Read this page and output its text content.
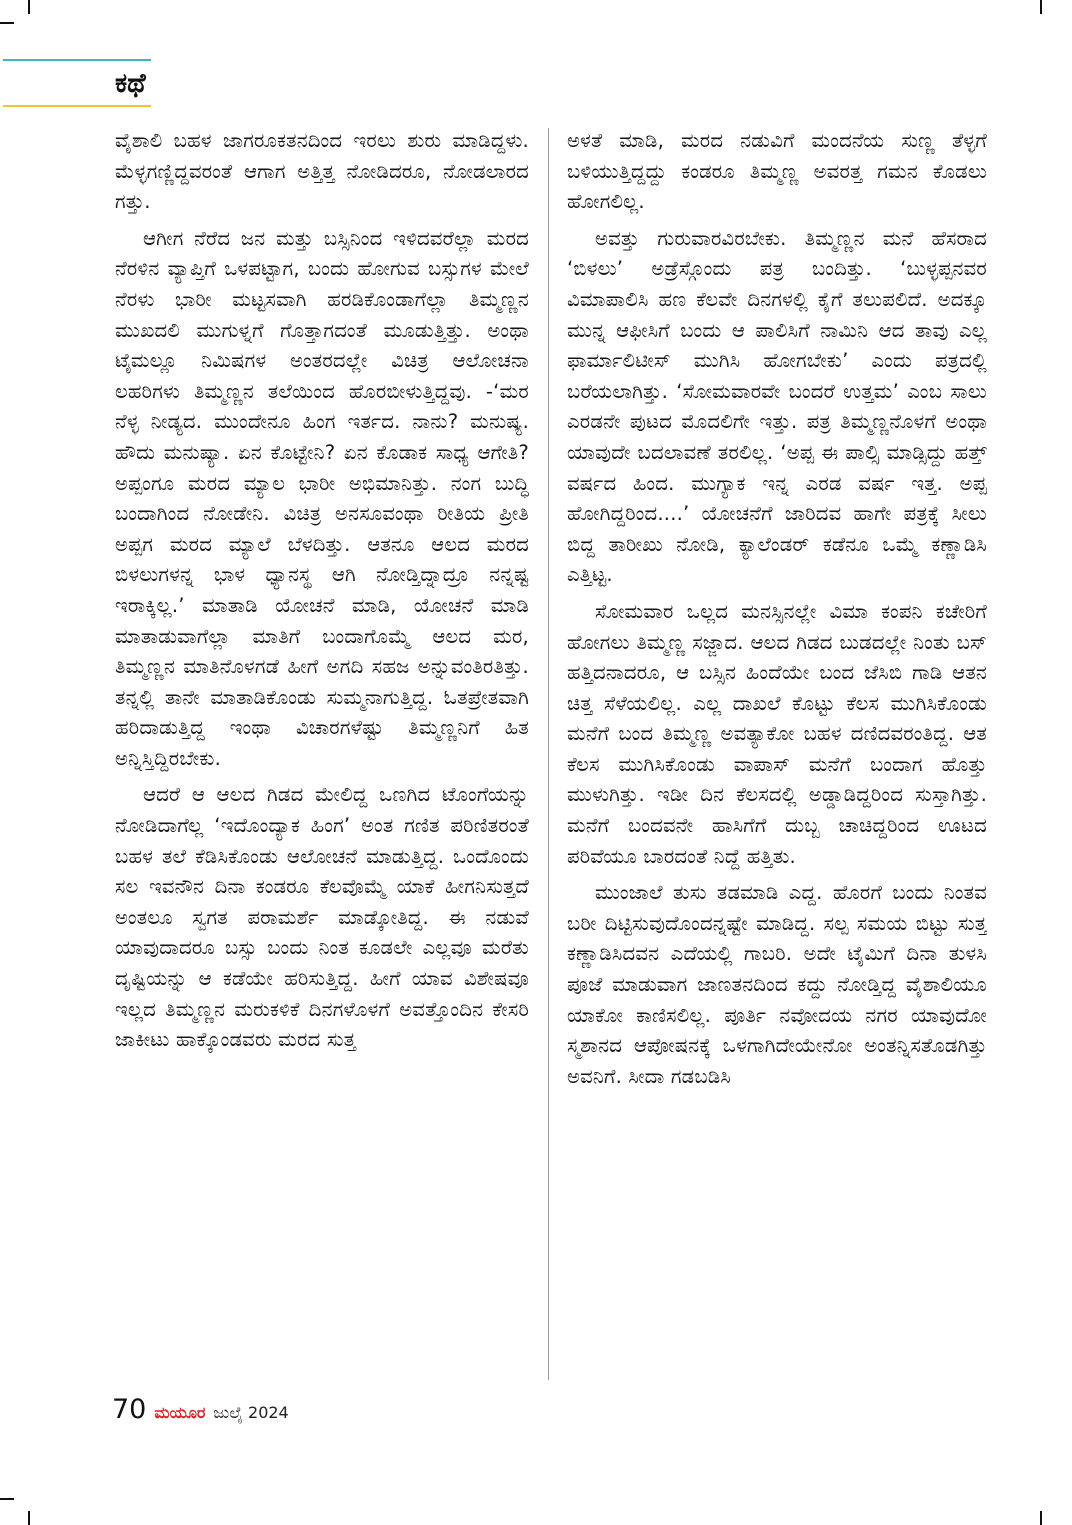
ಕಥೆ

ವೈಶಾಲಿ ಬಹಳ ಜಾಗರೂಕತನದಿಂದ ಇರಲು ಶುರು ಮಾಡಿದ್ದಳು. ಮೆಳ್ಳಗಣ್ಣಿದ್ದವರಂತೆ ಆಗಾಗ ಅತ್ತಿತ್ತ ನೋಡಿದರೂ, ನೋಡಲಾರದ ಗತ್ತು.

ಆಗೀಗ ನೆರೆದ ಜನ ಮತ್ತು ಬಸ್ಸಿನಿಂದ ಇಳಿದವರೆಲ್ಲಾ ಮರದ ನೆರಳಿನ ವ್ಯಾಪ್ತಿಗೆ ಒಳಪಟ್ಟಾಗ, ಬಂದು ಹೋಗುವ ಬಸ್ಸುಗಳ ಮೇಲೆ ನೆರಳು ಭಾರೀ ಮಟ್ಟಸವಾಗಿ ಹರಡಿಕೊಂಡಾಗೆಲ್ಲಾ ತಿಮ್ಮಣ್ಣನ ಮುಖದಲಿ ಮುಗುಳ್ನಗೆ ಗೊತ್ತಾಗದಂತೆ ಮೂಡುತ್ತಿತ್ತು. ಅಂಥಾ ಟೈಮಲ್ಲೂ ನಿಮಿಷಗಳ ಅಂತರದಲ್ಲೇ ವಿಚಿತ್ರ ಆಲೋಚನಾ ಲಹರಿಗಳು ತಿಮ್ಮಣ್ಣನ ತಲೆಯಿಂದ ಹೊರಬೀಳುತ್ತಿದ್ದವು. -‘ಮರ ನೆಳ್ಳ ನೀಡ್ಯದ. ಮುಂದೇನೂ ಹಿಂಗ ಇರ್ತದ. ನಾನು? ಮನುಷ್ಯ. ಹೌದು ಮನುಷ್ಯಾ. ಏನ ಕೊಟ್ಟೇನಿ? ಏನ ಕೊಡಾಕ ಸಾಧ್ಯ ಆಗೇತಿ? ಅಪ್ಪಂಗೂ ಮರದ ಮ್ಯಾಲ ಭಾರೀ ಅಭಿಮಾನಿತ್ತು. ನಂಗ ಬುದ್ಧಿ ಬಂದಾಗಿಂದ ನೋಡೇನಿ. ವಿಚಿತ್ರ ಅನಸೂವಂಥಾ ರೀತಿಯ ಪ್ರೀತಿ ಅಪ್ಪಗ ಮರದ ಮ್ಯಾಲೆ ಬೆಳದಿತ್ತು. ಆತನೂ ಆಲದ ಮರದ ಬಿಳಲುಗಳನ್ನ ಭಾಳ ಧ್ಯಾನಸ್ಥ ಆಗಿ ನೋಡ್ತಿದ್ನಾದ್ರೂ ನನ್ನಷ್ಟ ಇರಾಕ್ಕಿಲ್ಲ.’ ಮಾತಾಡಿ ಯೋಚನೆ ಮಾಡಿ, ಯೋಚನೆ ಮಾಡಿ ಮಾತಾಡುವಾಗೆಲ್ಲಾ ಮಾತಿಗೆ ಬಂದಾಗೊಮ್ಮೆ ಆಲದ ಮರ, ತಿಮ್ಮಣ್ಣನ ಮಾತಿನೊಳಗಡೆ ಹೀಗೆ ಅಗದಿ ಸಹಜ ಅನ್ನುವಂತಿರತಿತ್ತು. ತನ್ನಲ್ಲಿ ತಾನೇ ಮಾತಾಡಿಕೊಂಡು ಸುಮ್ಮನಾಗುತ್ತಿದ್ದ. ಓತಪ್ರೇತವಾಗಿ ಹರಿದಾಡುತ್ತಿದ್ದ ಇಂಥಾ ವಿಚಾರಗಳೆಷ್ಟು ತಿಮ್ಮಣ್ಣನಿಗೆ ಹಿತ ಅನ್ನಿಸ್ತಿದ್ದಿರಬೇಕು.

ಆದರೆ ಆ ಆಲದ ಗಿಡದ ಮೇಲಿದ್ದ ಒಣಗಿದ ಟೊಂಗೆಯನ್ನು ನೋಡಿದಾಗೆಲ್ಲ ‘ಇದೊಂದ್ಯಾಕ ಹಿಂಗ’ ಅಂತ ಗಣಿತ ಪರಿಣಿತರಂತೆ ಬಹಳ ತಲೆ ಕೆಡಿಸಿಕೊಂಡು ಆಲೋಚನೆ ಮಾಡುತ್ತಿದ್ದ. ಒಂದೊಂದು ಸಲ ಇವನೌನ ದಿನಾ ಕಂಡರೂ ಕೆಲವೊಮ್ಮೆ ಯಾಕೆ ಹೀಗನಿಸುತ್ತದೆ ಅಂತಲೂ ಸ್ವಗತ ಪರಾಮರ್ಶೆ ಮಾಡ್ಕೋತಿದ್ದ. ಈ ನಡುವೆ ಯಾವುದಾದರೂ ಬಸ್ಸು ಬಂದು ನಿಂತ ಕೂಡಲೇ ಎಲ್ಲವೂ ಮರೆತು ದೃಷ್ಟಿಯನ್ನು ಆ ಕಡೆಯೇ ಹರಿಸುತ್ತಿದ್ದ. ಹೀಗೆ ಯಾವ ವಿಶೇಷವೂ ಇಲ್ಲದ ತಿಮ್ಮಣ್ಣನ ಮರುಕಳಿಕೆ ದಿನಗಳೊಳಗೆ ಅವತ್ತೊಂದಿನ ಕೇಸರಿ ಜಾಕೀಟು ಹಾಕ್ಕೊಂಡವರು ಮರದ ಸುತ್ತ

ಅಳತೆ ಮಾಡಿ, ಮರದ ನಡುವಿಗೆ ಮಂದನೆಯ ಸುಣ್ಣ ತೆಳ್ಳಗೆ ಬಳಿಯುತ್ತಿದ್ದದ್ದು ಕಂಡರೂ ತಿಮ್ಮಣ್ಣ ಅವರತ್ತ ಗಮನ ಕೊಡಲು ಹೋಗಲಿಲ್ಲ.

ಅವತ್ತು ಗುರುವಾರವಿರಬೇಕು. ತಿಮ್ಮಣ್ಣನ ಮನೆ ಹೆಸರಾದ ‘ಬಿಳಲು’ ಅಡ್ರೆಸ್ಗೊಂದು ಪತ್ರ ಬಂದಿತ್ತು. ‘ಬುಳ್ಳಪ್ಪನವರ ವಿಮಾಪಾಲಿಸಿ ಹಣ ಕೆಲವೇ ದಿನಗಳಲ್ಲಿ ಕೈಗೆ ತಲುಪಲಿದೆ. ಅದಕ್ಕೂ ಮುನ್ನ ಆಫೀಸಿಗೆ ಬಂದು ಆ ಪಾಲಿಸಿಗೆ ನಾಮಿನಿ ಆದ ತಾವು ಎಲ್ಲ ಫಾರ್ಮಾಲಿಟೀಸ್ ಮುಗಿಸಿ ಹೋಗಬೇಕು’ ಎಂದು ಪತ್ರದಲ್ಲಿ ಬರೆಯಲಾಗಿತ್ತು. ‘ಸೋಮವಾರವೇ ಬಂದರೆ ಉತ್ತಮ’ ಎಂಬ ಸಾಲು ಎರಡನೇ ಪುಟದ ಮೊದಲಿಗೇ ಇತ್ತು. ಪತ್ರ ತಿಮ್ಮಣ್ಣನೊಳಗೆ ಅಂಥಾ ಯಾವುದೇ ಬದಲಾವಣೆ ತರಲಿಲ್ಲ. ‘ಅಪ್ಪ ಈ ಪಾಲ್ಸಿ ಮಾಡ್ಸಿದ್ದು ಹತ್ತ್ ವರ್ಷದ ಹಿಂದ. ಮುಗ್ಯಾಕ ಇನ್ನ ಎರಡ ವರ್ಷ ಇತ್ತ. ಅಪ್ಪ ಹೋಗಿದ್ದರಿಂದ....’ ಯೋಚನೆಗೆ ಜಾರಿದವ ಹಾಗೇ ಪತ್ರಕ್ಕೆ ಸೀಲು ಬಿದ್ದ ತಾರೀಖು ನೋಡಿ, ಕ್ಯಾಲೆಂಡರ್ ಕಡೆನೂ ಒಮ್ಮೆ ಕಣ್ಣಾಡಿಸಿ ಎತ್ತಿಟ್ಟ.

ಸೋಮವಾರ ಒಲ್ಲದ ಮನಸ್ಸಿನಲ್ಲೇ ವಿಮಾ ಕಂಪನಿ ಕಚೇರಿಗೆ ಹೋಗಲು ತಿಮ್ಮಣ್ಣ ಸಜ್ಜಾದ. ಆಲದ ಗಿಡದ ಬುಡದಲ್ಲೇ ನಿಂತು ಬಸ್ ಹತ್ತಿದನಾದರೂ, ಆ ಬಸ್ಸಿನ ಹಿಂದೆಯೇ ಬಂದ ಜೆಸಿಬಿ ಗಾಡಿ ಆತನ ಚಿತ್ತ ಸೆಳೆಯಲಿಲ್ಲ. ಎಲ್ಲ ದಾಖಲೆ ಕೊಟ್ಟು ಕೆಲಸ ಮುಗಿಸಿಕೊಂಡು ಮನೆಗೆ ಬಂದ ತಿಮ್ಮಣ್ಣ ಅವತ್ಯಾಕೋ ಬಹಳ ದಣಿದವರಂತಿದ್ದ. ಆತ ಕೆಲಸ ಮುಗಿಸಿಕೊಂಡು ವಾಪಾಸ್ ಮನೆಗೆ ಬಂದಾಗ ಹೊತ್ತು ಮುಳುಗಿತ್ತು. ಇಡೀ ದಿನ ಕೆಲಸದಲ್ಲಿ ಅಡ್ಡಾಡಿದ್ದರಿಂದ ಸುಸ್ತಾಗಿತ್ತು. ಮನೆಗೆ ಬಂದವನೇ ಹಾಸಿಗೆಗೆ ದುಬ್ಬ ಚಾಚಿದ್ದರಿಂದ ಊಟದ ಪರಿವೆಯೂ ಬಾರದಂತೆ ನಿದ್ದೆ ಹತ್ತಿತು.

ಮುಂಜಾಲೆ ತುಸು ತಡಮಾಡಿ ಎದ್ದ. ಹೊರಗೆ ಬಂದು ನಿಂತವ ಬರೀ ದಿಟ್ಟಿಸುವುದೊಂದನ್ನಷ್ಟೇ ಮಾಡಿದ್ದ. ಸಲ್ಪ ಸಮಯ ಬಿಟ್ಟು ಸುತ್ತ ಕಣ್ಣಾಡಿಸಿದವನ ಎದೆಯಲ್ಲಿ ಗಾಬರಿ. ಅದೇ ಟೈಮಿಗೆ ದಿನಾ ತುಳಸಿ ಪೂಜೆ ಮಾಡುವಾಗ ಜಾಣತನದಿಂದ ಕದ್ದು ನೋಡ್ತಿದ್ದ ವೈಶಾಲಿಯೂ ಯಾಕೋ ಕಾಣಿಸಲಿಲ್ಲ. ಪೂರ್ತಿ ನವೋದಯ ನಗರ ಯಾವುದೋ ಸ್ಮಶಾನದ ಆಪೋಷನಕ್ಕೆ ಒಳಗಾಗಿದೇಯೇನೋ ಅಂತನ್ನಿಸತೊಡಗಿತ್ತು ಅವನಿಗೆ. ಸೀದಾ ಗಡಬಡಿಸಿ

70 ಮಯೂರ ಜುಲೈ 2024
